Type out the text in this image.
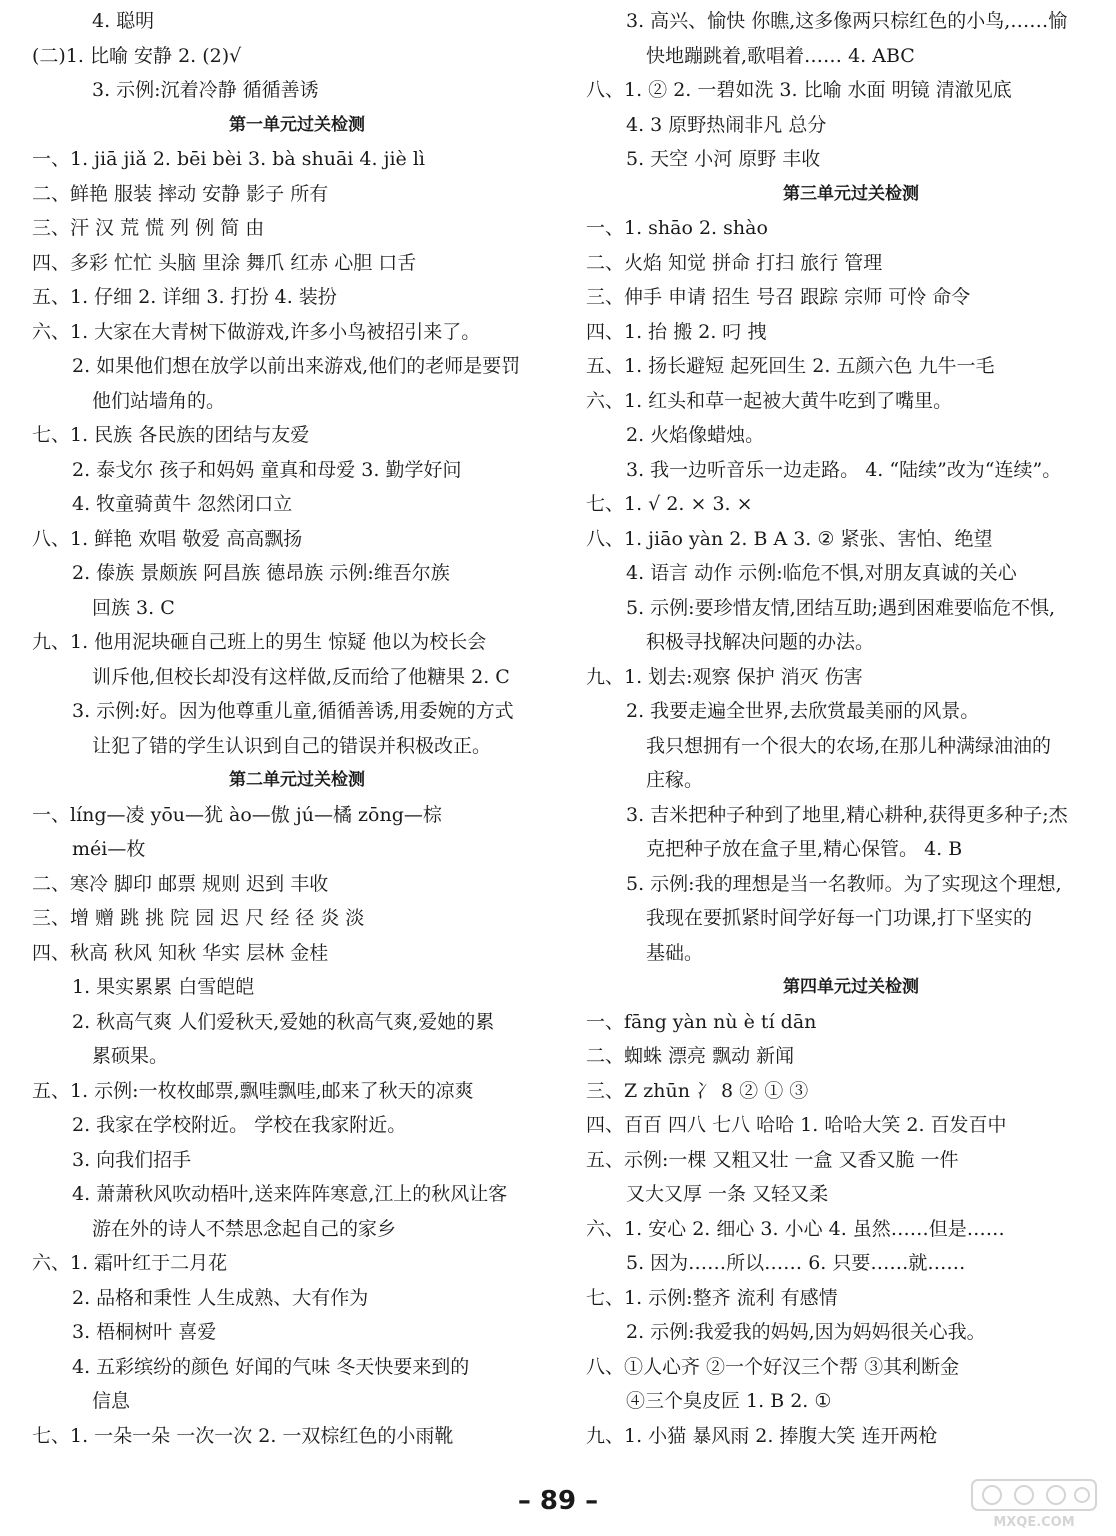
4. 聪明
(二)1. 比喻 安静 2. (2)√
3. 示例:沉着冷静 循循善诱
第一单元过关检测
一、1. jiā jiǎ 2. bēi bèi 3. bà shuāi 4. jiè lì
二、鲜艳 服装 摔动 安静 影子 所有
三、汗 汉 荒 慌 列 例 简 由
四、多彩 忙忙 头脑 里涂 舞爪 红赤 心胆 口舌
五、1. 仔细 2. 详细 3. 打扮 4. 装扮
六、1. 大家在大青树下做游戏,许多小鸟被招引来了。
2. 如果他们想在放学以前出来游戏,他们的老师是要罚
他们站墙角的。
七、1. 民族 各民族的团结与友爱
2. 泰戈尔 孩子和妈妈 童真和母爱 3. 勤学好问
4. 牧童骑黄牛 忽然闭口立
八、1. 鲜艳 欢唱 敬爱 高高飘扬
2. 傣族 景颇族 阿昌族 德昂族 示例:维吾尔族
回族 3. C
九、1. 他用泥块砸自己班上的男生 惊疑 他以为校长会
训斥他,但校长却没有这样做,反而给了他糖果 2. C
3. 示例:好。因为他尊重儿童,循循善诱,用委婉的方式
让犯了错的学生认识到自己的错误并积极改正。
第二单元过关检测
一、líng—凌 yōu—犹 ào—傲 jú—橘 zōng—棕
méi—枚
二、寒冷 脚印 邮票 规则 迟到 丰收
三、增 赠 跳 挑 院 园 迟 尺 经 径 炎 淡
四、秋高 秋风 知秋 华实 层林 金桂
1. 果实累累 白雪皑皑
2. 秋高气爽 人们爱秋天,爱她的秋高气爽,爱她的累
累硕果。
五、1. 示例:一枚枚邮票,飘哇飘哇,邮来了秋天的凉爽
2. 我家在学校附近。 学校在我家附近。
3. 向我们招手
4. 萧萧秋风吹动梧叶,送来阵阵寒意,江上的秋风让客
游在外的诗人不禁思念起自己的家乡
六、1. 霜叶红于二月花
2. 品格和秉性 人生成熟、大有作为
3. 梧桐树叶 喜爱
4. 五彩缤纷的颜色 好闻的气味 冬天快要来到的
信息
七、1. 一朵一朵 一次一次 2. 一双棕红色的小雨靴
3. 高兴、愉快 你瞧,这多像两只棕红色的小鸟,……愉
快地蹦跳着,歌唱着…… 4. ABC
八、1. ② 2. 一碧如洗 3. 比喻 水面 明镜 清澈见底
4. 3 原野热闹非凡 总分
5. 天空 小河 原野 丰收
第三单元过关检测
一、1. shāo 2. shào
二、火焰 知觉 拼命 打扫 旅行 管理
三、伸手 申请 招生 号召 跟踪 宗师 可怜 命令
四、1. 抬 搬 2. 叼 拽
五、1. 扬长避短 起死回生 2. 五颜六色 九牛一毛
六、1. 红头和草一起被大黄牛吃到了嘴里。
2. 火焰像蜡烛。
3. 我一边听音乐一边走路。 4. “陆续”改为“连续”。
七、1. √ 2. × 3. ×
八、1. jiāo yàn 2. B A 3. ② 紧张、害怕、绝望
4. 语言 动作 示例:临危不惧,对朋友真诚的关心
5. 示例:要珍惜友情,团结互助;遇到困难要临危不惧,
积极寻找解决问题的办法。
九、1. 划去:观察 保护 消灭 伤害
2. 我要走遍全世界,去欣赏最美丽的风景。
我只想拥有一个很大的农场,在那儿种满绿油油的
庄稼。
3. 吉米把种子种到了地里,精心耕种,获得更多种子;杰
克把种子放在盒子里,精心保管。 4. B
5. 示例:我的理想是当一名教师。为了实现这个理想,
我现在要抓紧时间学好每一门功课,打下坚实的
基础。
第四单元过关检测
一、fāng yàn nù è tí dān
二、蜘蛛 漂亮 飘动 新闻
三、Z zhūn 冫 8 ② ① ③
四、百百 四八 七八 哈哈 1. 哈哈大笑 2. 百发百中
五、示例:一棵 又粗又壮 一盒 又香又脆 一件
又大又厚 一条 又轻又柔
六、1. 安心 2. 细心 3. 小心 4. 虽然……但是……
5. 因为……所以…… 6. 只要……就……
七、1. 示例:整齐 流利 有感情
2. 示例:我爱我的妈妈,因为妈妈很关心我。
八、①人心齐 ②一个好汉三个帮 ③其利断金
④三个臭皮匠 1. B 2. ①
九、1. 小猫 暴风雨 2. 捧腹大笑 连开两枪
– 89 –
MXQE.COM
